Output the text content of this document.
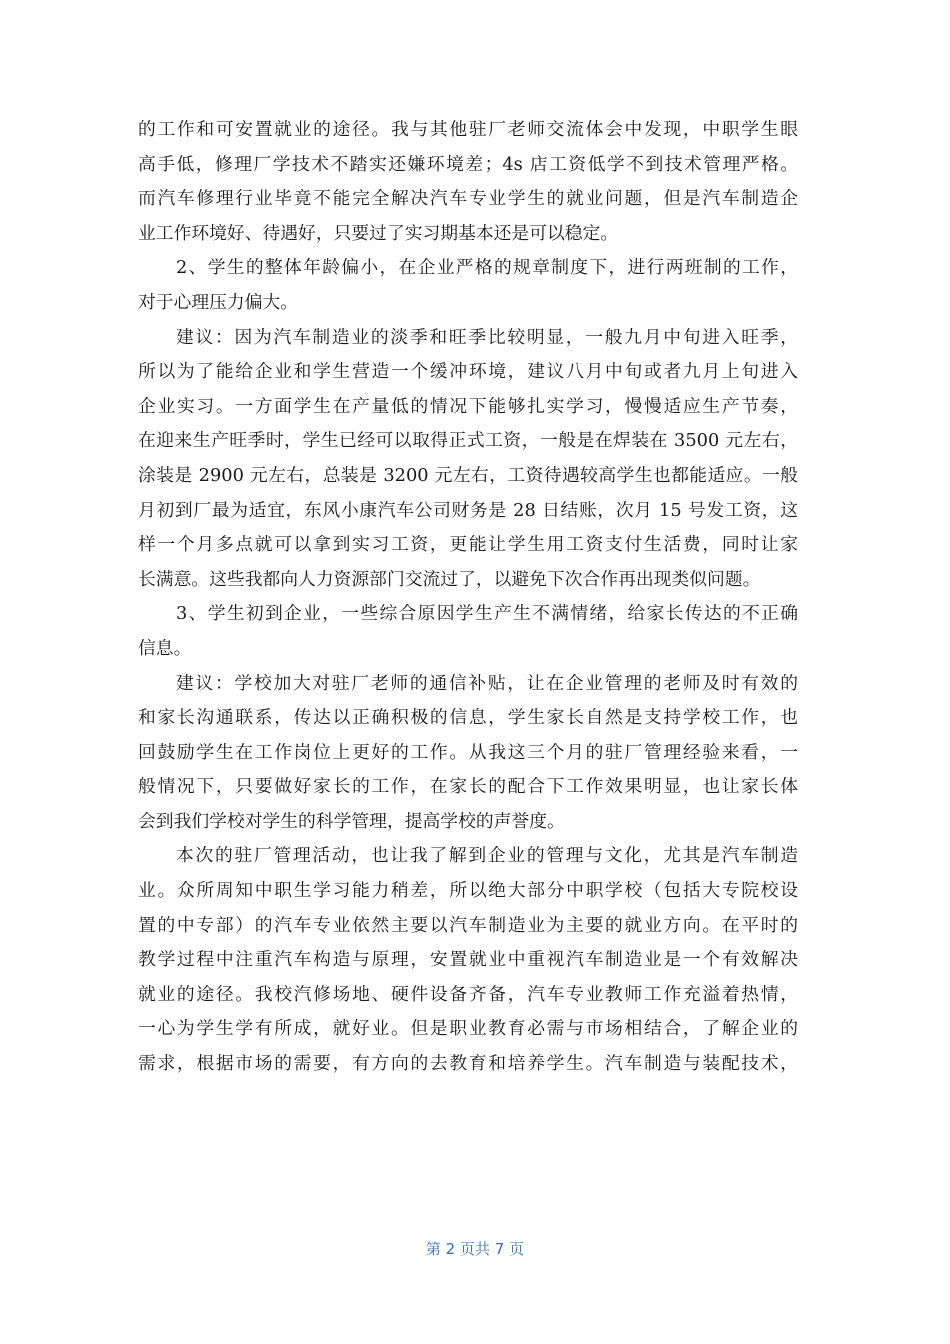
的工作和可安置就业的途径。我与其他驻厂老师交流体会中发现，中职学生眼
高手低，修理厂学技术不踏实还嫌环境差；4s 店工资低学不到技术管理严格。
而汽车修理行业毕竟不能完全解决汽车专业学生的就业问题，但是汽车制造企
业工作环境好、待遇好，只要过了实习期基本还是可以稳定。
2、学生的整体年龄偏小，在企业严格的规章制度下，进行两班制的工作，
对于心理压力偏大。
建议：因为汽车制造业的淡季和旺季比较明显，一般九月中旬进入旺季，
所以为了能给企业和学生营造一个缓冲环境，建议八月中旬或者九月上旬进入
企业实习。一方面学生在产量低的情况下能够扎实学习，慢慢适应生产节奏，
在迎来生产旺季时，学生已经可以取得正式工资，一般是在焊装在 3500 元左右，
涂装是 2900 元左右，总装是 3200 元左右，工资待遇较高学生也都能适应。一般
月初到厂最为适宜，东风小康汽车公司财务是 28 日结账，次月 15 号发工资，这
样一个月多点就可以拿到实习工资，更能让学生用工资支付生活费，同时让家
长满意。这些我都向人力资源部门交流过了，以避免下次合作再出现类似问题。
3、学生初到企业，一些综合原因学生产生不满情绪，给家长传达的不正确
信息。
建议：学校加大对驻厂老师的通信补贴，让在企业管理的老师及时有效的
和家长沟通联系，传达以正确积极的信息，学生家长自然是支持学校工作，也
回鼓励学生在工作岗位上更好的工作。从我这三个月的驻厂管理经验来看，一
般情况下，只要做好家长的工作，在家长的配合下工作效果明显，也让家长体
会到我们学校对学生的科学管理，提高学校的声誉度。
本次的驻厂管理活动，也让我了解到企业的管理与文化，尤其是汽车制造
业。众所周知中职生学习能力稍差，所以绝大部分中职学校（包括大专院校设
置的中专部）的汽车专业依然主要以汽车制造业为主要的就业方向。在平时的
教学过程中注重汽车构造与原理，安置就业中重视汽车制造业是一个有效解决
就业的途径。我校汽修场地、硬件设备齐备，汽车专业教师工作充溢着热情，
一心为学生学有所成，就好业。但是职业教育必需与市场相结合，了解企业的
需求，根据市场的需要，有方向的去教育和培养学生。汽车制造与装配技术，
第 2 页共 7 页
